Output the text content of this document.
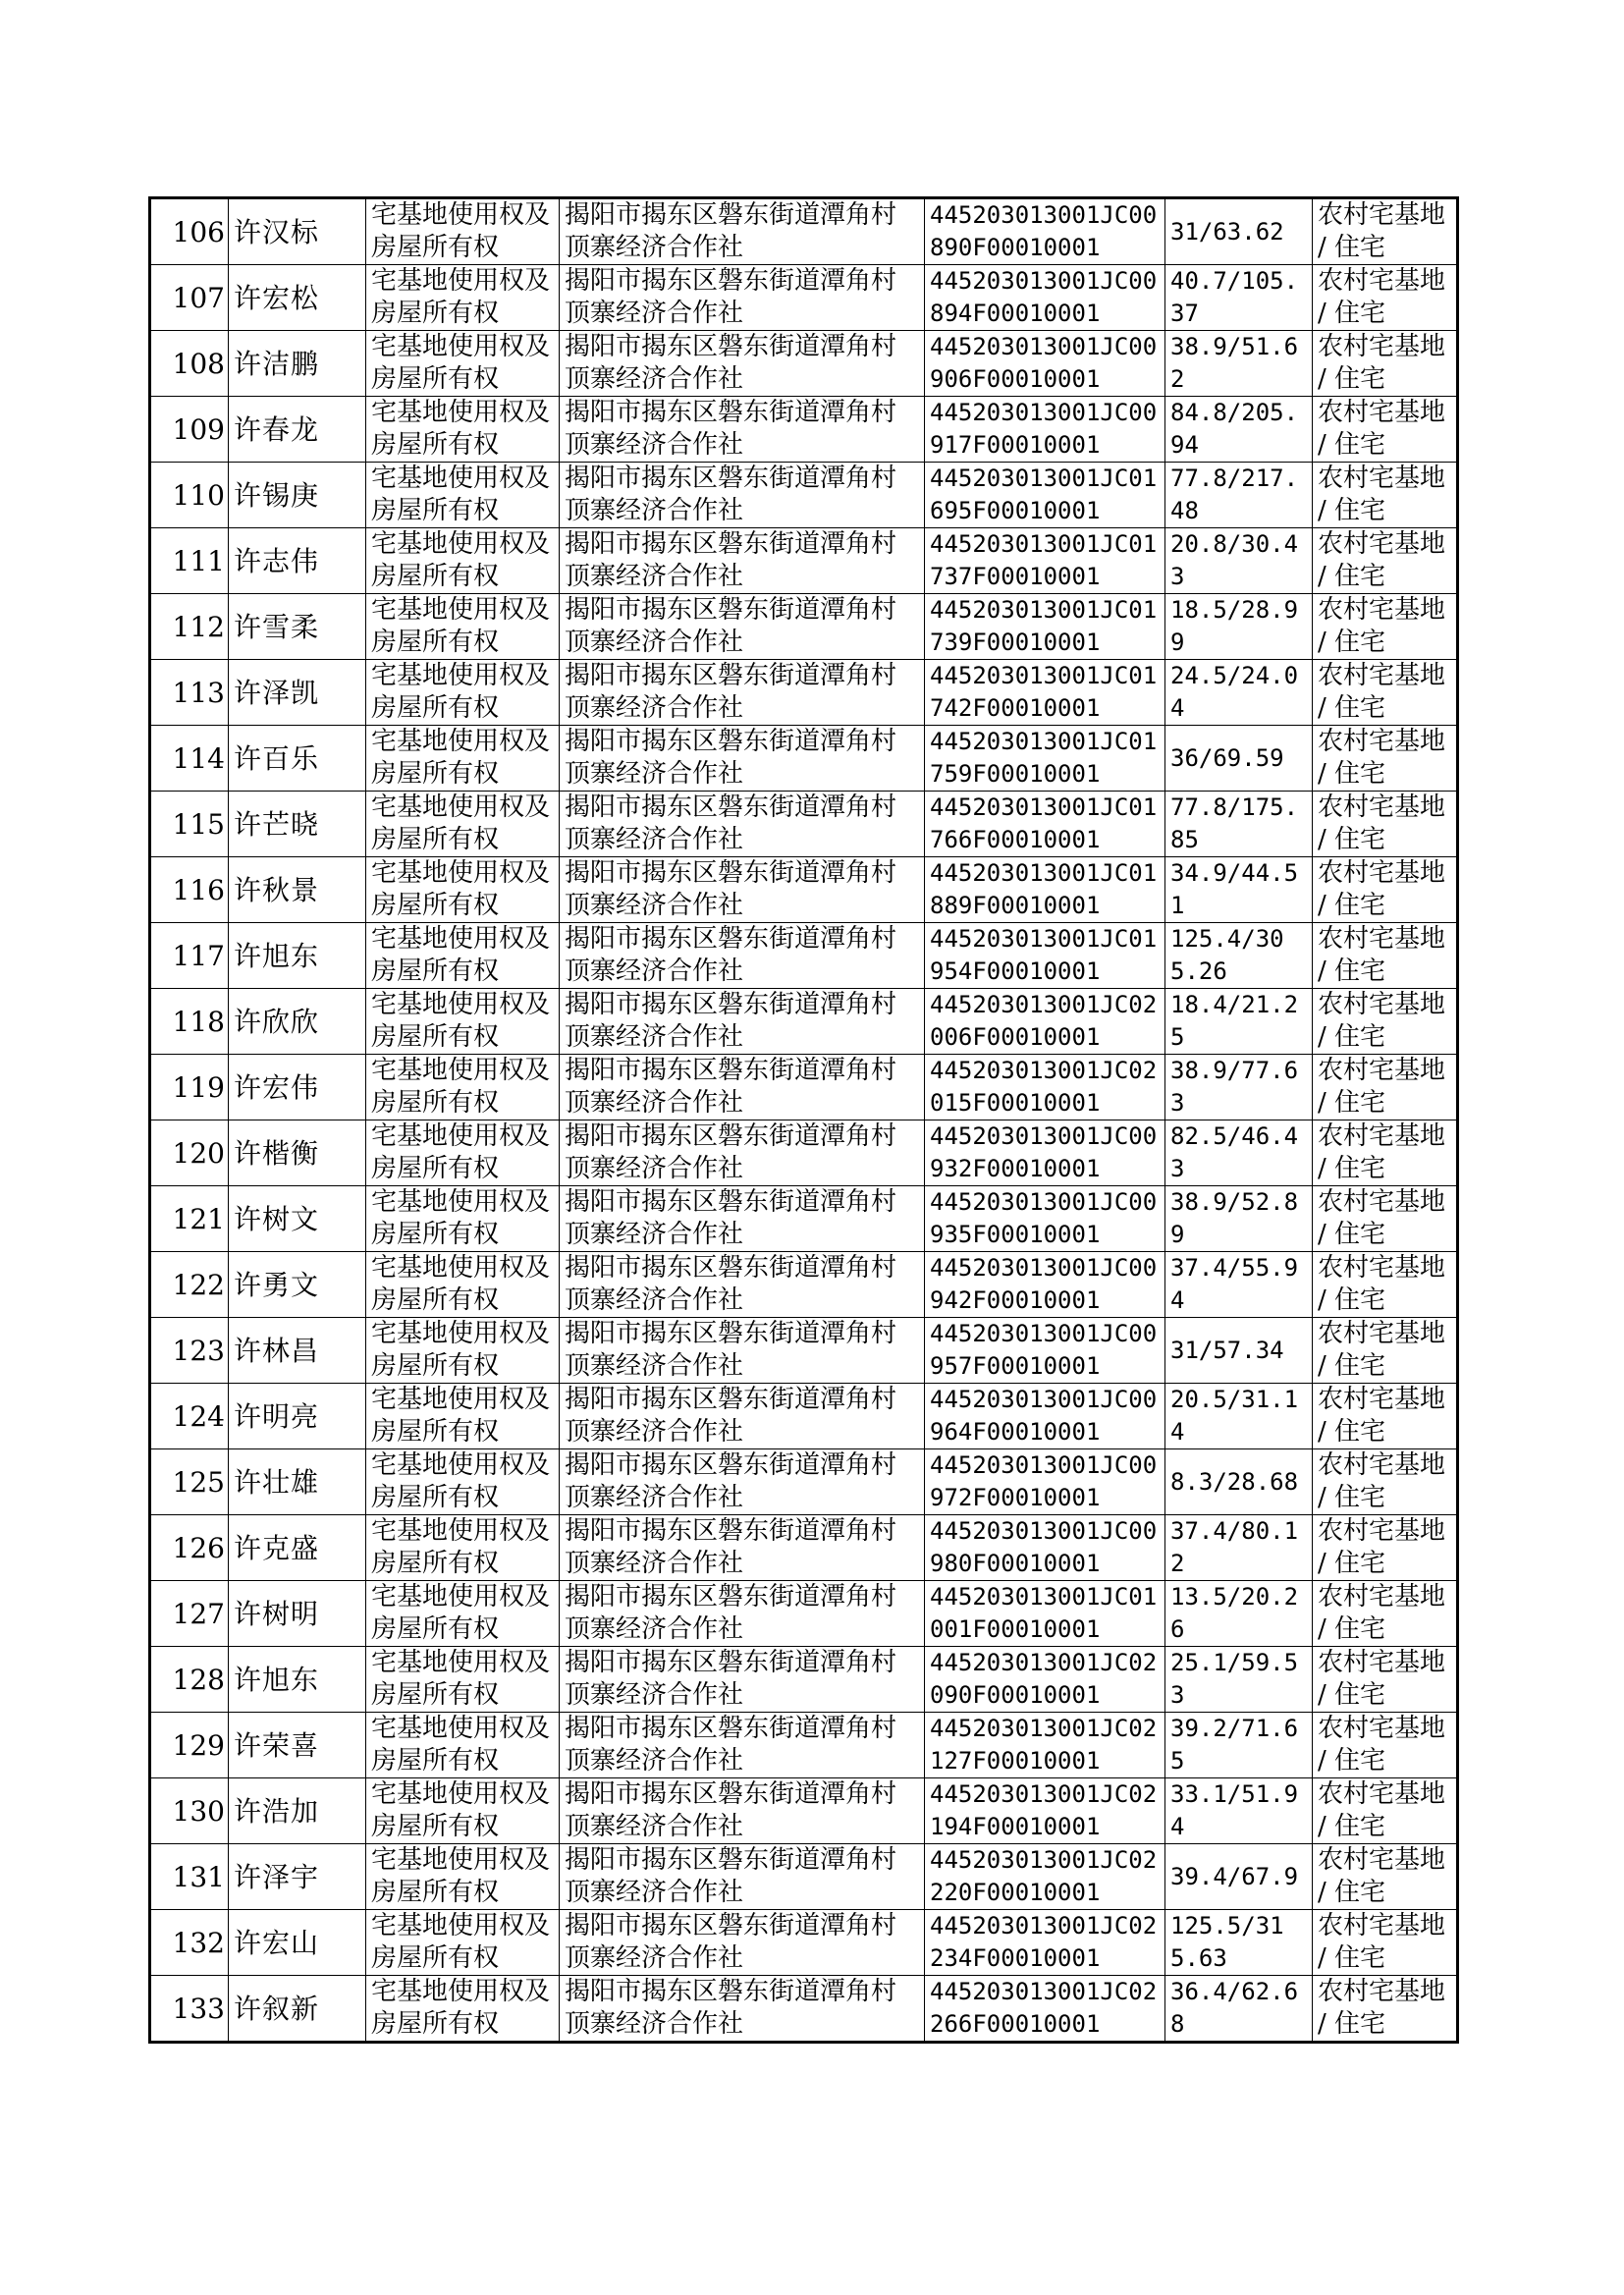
106	许汉标	宅基地使用权及房屋所有权	揭阳市揭东区磐东街道潭角村顶寨经济合作社	445203013001JC00890F00010001	31/63.62	农村宅基地 / 住宅
107	许宏松	宅基地使用权及房屋所有权	揭阳市揭东区磐东街道潭角村顶寨经济合作社	445203013001JC00894F00010001	40.7/105.37	农村宅基地 / 住宅
108	许洁鹏	宅基地使用权及房屋所有权	揭阳市揭东区磐东街道潭角村顶寨经济合作社	445203013001JC00906F00010001	38.9/51.62	农村宅基地 / 住宅
109	许春龙	宅基地使用权及房屋所有权	揭阳市揭东区磐东街道潭角村顶寨经济合作社	445203013001JC00917F00010001	84.8/205.94	农村宅基地 / 住宅
110	许锡庚	宅基地使用权及房屋所有权	揭阳市揭东区磐东街道潭角村顶寨经济合作社	445203013001JC01695F00010001	77.8/217.48	农村宅基地 / 住宅
111	许志伟	宅基地使用权及房屋所有权	揭阳市揭东区磐东街道潭角村顶寨经济合作社	445203013001JC01737F00010001	20.8/30.43	农村宅基地 / 住宅
112	许雪柔	宅基地使用权及房屋所有权	揭阳市揭东区磐东街道潭角村顶寨经济合作社	445203013001JC01739F00010001	18.5/28.99	农村宅基地 / 住宅
113	许泽凯	宅基地使用权及房屋所有权	揭阳市揭东区磐东街道潭角村顶寨经济合作社	445203013001JC01742F00010001	24.5/24.04	农村宅基地 / 住宅
114	许百乐	宅基地使用权及房屋所有权	揭阳市揭东区磐东街道潭角村顶寨经济合作社	445203013001JC01759F00010001	36/69.59	农村宅基地 / 住宅
115	许芒晓	宅基地使用权及房屋所有权	揭阳市揭东区磐东街道潭角村顶寨经济合作社	445203013001JC01766F00010001	77.8/175.85	农村宅基地 / 住宅
116	许秋景	宅基地使用权及房屋所有权	揭阳市揭东区磐东街道潭角村顶寨经济合作社	445203013001JC01889F00010001	34.9/44.51	农村宅基地 / 住宅
117	许旭东	宅基地使用权及房屋所有权	揭阳市揭东区磐东街道潭角村顶寨经济合作社	445203013001JC01954F00010001	125.4/305.26	农村宅基地 / 住宅
118	许欣欣	宅基地使用权及房屋所有权	揭阳市揭东区磐东街道潭角村顶寨经济合作社	445203013001JC02006F00010001	18.4/21.25	农村宅基地 / 住宅
119	许宏伟	宅基地使用权及房屋所有权	揭阳市揭东区磐东街道潭角村顶寨经济合作社	445203013001JC02015F00010001	38.9/77.63	农村宅基地 / 住宅
120	许楷衡	宅基地使用权及房屋所有权	揭阳市揭东区磐东街道潭角村顶寨经济合作社	445203013001JC00932F00010001	82.5/46.43	农村宅基地 / 住宅
121	许树文	宅基地使用权及房屋所有权	揭阳市揭东区磐东街道潭角村顶寨经济合作社	445203013001JC00935F00010001	38.9/52.89	农村宅基地 / 住宅
122	许勇文	宅基地使用权及房屋所有权	揭阳市揭东区磐东街道潭角村顶寨经济合作社	445203013001JC00942F00010001	37.4/55.94	农村宅基地 / 住宅
123	许林昌	宅基地使用权及房屋所有权	揭阳市揭东区磐东街道潭角村顶寨经济合作社	445203013001JC00957F00010001	31/57.34	农村宅基地 / 住宅
124	许明亮	宅基地使用权及房屋所有权	揭阳市揭东区磐东街道潭角村顶寨经济合作社	445203013001JC00964F00010001	20.5/31.14	农村宅基地 / 住宅
125	许壮雄	宅基地使用权及房屋所有权	揭阳市揭东区磐东街道潭角村顶寨经济合作社	445203013001JC00972F00010001	8.3/28.68	农村宅基地 / 住宅
126	许克盛	宅基地使用权及房屋所有权	揭阳市揭东区磐东街道潭角村顶寨经济合作社	445203013001JC00980F00010001	37.4/80.12	农村宅基地 / 住宅
127	许树明	宅基地使用权及房屋所有权	揭阳市揭东区磐东街道潭角村顶寨经济合作社	445203013001JC01001F00010001	13.5/20.26	农村宅基地 / 住宅
128	许旭东	宅基地使用权及房屋所有权	揭阳市揭东区磐东街道潭角村顶寨经济合作社	445203013001JC02090F00010001	25.1/59.53	农村宅基地 / 住宅
129	许荣喜	宅基地使用权及房屋所有权	揭阳市揭东区磐东街道潭角村顶寨经济合作社	445203013001JC02127F00010001	39.2/71.65	农村宅基地 / 住宅
130	许浩加	宅基地使用权及房屋所有权	揭阳市揭东区磐东街道潭角村顶寨经济合作社	445203013001JC02194F00010001	33.1/51.94	农村宅基地 / 住宅
131	许泽宇	宅基地使用权及房屋所有权	揭阳市揭东区磐东街道潭角村顶寨经济合作社	445203013001JC02220F00010001	39.4/67.9	农村宅基地 / 住宅
132	许宏山	宅基地使用权及房屋所有权	揭阳市揭东区磐东街道潭角村顶寨经济合作社	445203013001JC02234F00010001	125.5/315.63	农村宅基地 / 住宅
133	许叙新	宅基地使用权及房屋所有权	揭阳市揭东区磐东街道潭角村顶寨经济合作社	445203013001JC02266F00010001	36.4/62.68	农村宅基地 / 住宅
